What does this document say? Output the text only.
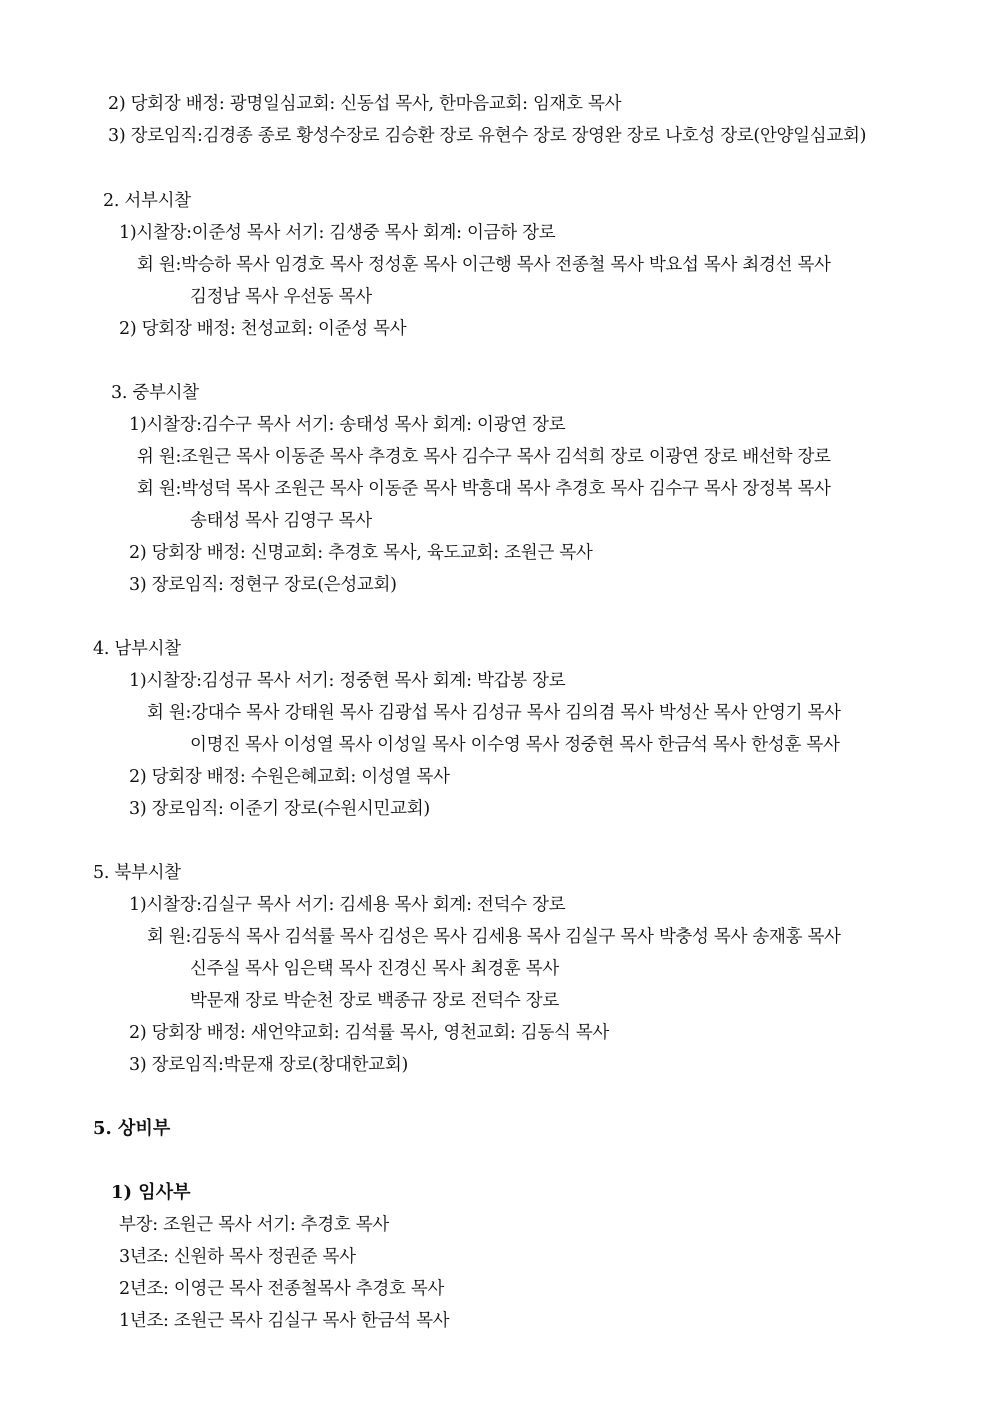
2) 당회장 배정: 광명일심교회: 신동섭 목사, 한마음교회: 임재호 목사
3) 장로임직:김경종 종로 황성수장로 김승환 장로 유현수 장로 장영완 장로 나호성 장로(안양일심교회)
2. 서부시찰
1)시찰장:이준성 목사 서기: 김생중 목사 회계: 이금하 장로
회 원:박승하 목사 임경호 목사 정성훈 목사 이근행 목사 전종철 목사 박요섭 목사 최경선 목사
김정남 목사 우선동 목사
2) 당회장 배정: 천성교회: 이준성 목사
3. 중부시찰
1)시찰장:김수구 목사 서기: 송태성 목사 회계: 이광연 장로
위 원:조원근 목사 이동준 목사 추경호 목사 김수구 목사 김석희 장로 이광연 장로 배선학 장로
회 원:박성덕 목사 조원근 목사 이동준 목사 박흥대 목사 추경호 목사 김수구 목사 장정복 목사
송태성 목사 김영구 목사
2) 당회장 배정: 신명교회: 추경호 목사, 육도교회: 조원근 목사
3) 장로임직: 정현구 장로(은성교회)
4. 남부시찰
1)시찰장:김성규 목사 서기: 정중현 목사 회계: 박갑봉 장로
회 원:강대수 목사 강태원 목사 김광섭 목사 김성규 목사 김의겸 목사 박성산 목사 안영기 목사
이명진 목사 이성열 목사 이성일 목사 이수영 목사 정중현 목사 한금석 목사 한성훈 목사
2) 당회장 배정: 수원은혜교회: 이성열 목사
3) 장로임직: 이준기 장로(수원시민교회)
5. 북부시찰
1)시찰장:김실구 목사 서기: 김세용 목사 회계: 전덕수 장로
회 원:김동식 목사 김석률 목사 김성은 목사 김세용 목사 김실구 목사 박충성 목사 송재홍 목사
신주실 목사 임은택 목사 진경신 목사 최경훈 목사
박문재 장로 박순천 장로 백종규 장로 전덕수 장로
2) 당회장 배정: 새언약교회: 김석률 목사, 영천교회: 김동식 목사
3) 장로임직:박문재 장로(창대한교회)
5. 상비부
1) 임사부
부장: 조원근 목사 서기: 추경호 목사
3년조: 신원하 목사 정권준 목사
2년조: 이영근 목사 전종철목사 추경호 목사
1년조: 조원근 목사 김실구 목사 한금석 목사
